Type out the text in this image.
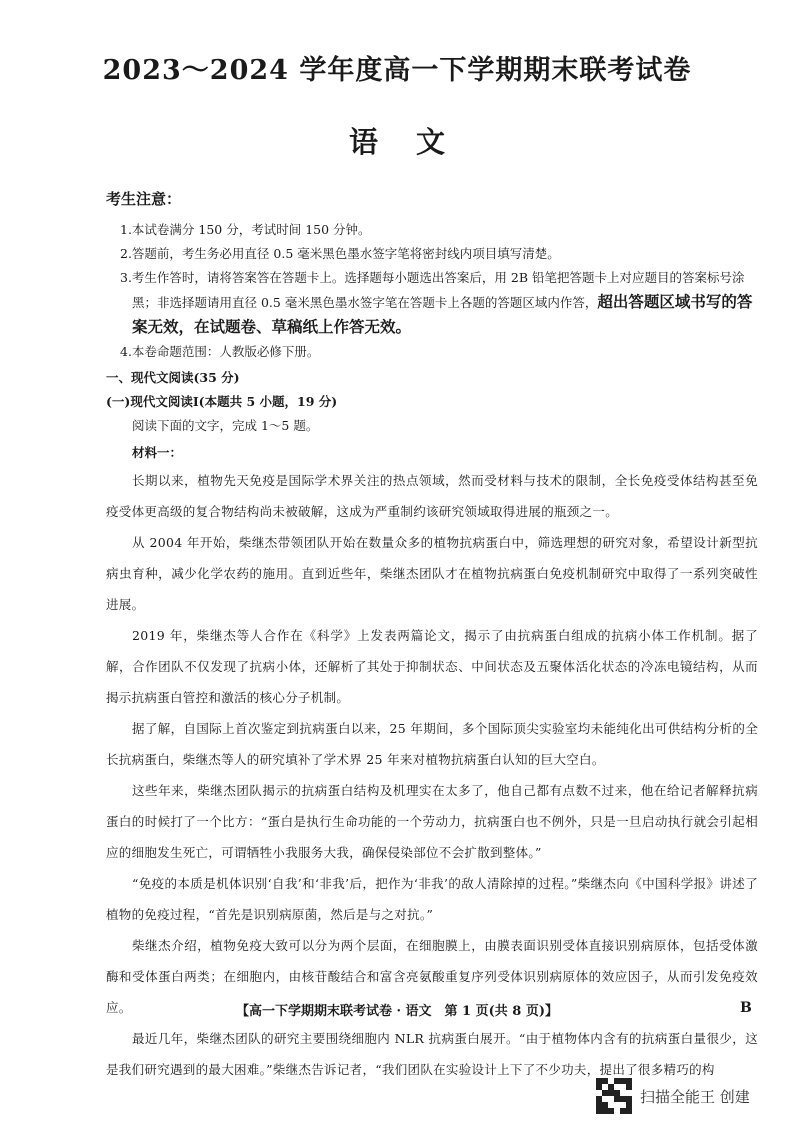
2023～2024 学年度高一下学期期末联考试卷
语文
考生注意：
1.本试卷满分 150 分，考试时间 150 分钟。
2.答题前，考生务必用直径 0.5 毫米黑色墨水签字笔将密封线内项目填写清楚。
3.考生作答时，请将答案答在答题卡上。选择题每小题选出答案后，用 2B 铅笔把答题卡上对应题目的答案标号涂黑；非选择题请用直径 0.5 毫米黑色墨水签字笔在答题卡上各题的答题区域内作答，超出答题区域书写的答案无效，在试题卷、草稿纸上作答无效。
4.本卷命题范围：人教版必修下册。
一、现代文阅读(35 分)
(一)现代文阅读Ⅰ(本题共 5 小题，19 分)
阅读下面的文字，完成 1～5 题。
材料一：

长期以来，植物先天免疫是国际学术界关注的热点领域，然而受材料与技术的限制，全长免疫受体结构甚至免疫受体更高级的复合物结构尚未被破解，这成为严重制约该研究领域取得进展的瓶颈之一。

从 2004 年开始，柴继杰带领团队开始在数量众多的植物抗病蛋白中，筛选理想的研究对象，希望设计新型抗病虫育种，减少化学农药的施用。直到近些年，柴继杰团队才在植物抗病蛋白免疫机制研究中取得了一系列突破性进展。

2019 年，柴继杰等人合作在《科学》上发表两篇论文，揭示了由抗病蛋白组成的抗病小体工作机制。据了解，合作团队不仅发现了抗病小体，还解析了其处于抑制状态、中间状态及五聚体活化状态的冷冻电镜结构，从而揭示抗病蛋白管控和激活的核心分子机制。

据了解，自国际上首次鉴定到抗病蛋白以来，25 年期间，多个国际顶尖实验室均未能纯化出可供结构分析的全长抗病蛋白，柴继杰等人的研究填补了学术界 25 年来对植物抗病蛋白认知的巨大空白。

这些年来，柴继杰团队揭示的抗病蛋白结构及机理实在太多了，他自己都有点数不过来，他在给记者解释抗病蛋白的时候打了一个比方：“蛋白是执行生命功能的一个劳动力，抗病蛋白也不例外，只是一旦启动执行就会引起相应的细胞发生死亡，可谓牺牲小我服务大我，确保侵染部位不会扩散到整体。”

“免疫的本质是机体识别‘自我’和‘非我’后，把作为‘非我’的敌人清除掉的过程。”柴继杰向《中国科学报》讲述了植物的免疫过程，“首先是识别病原菌，然后是与之对抗。”

柴继杰介绍，植物免疫大致可以分为两个层面，在细胞膜上，由膜表面识别受体直接识别病原体，包括受体激酶和受体蛋白两类；在细胞内，由核苷酸结合和富含亮氨酸重复序列受体识别病原体的效应因子，从而引发免疫效应。

最近几年，柴继杰团队的研究主要围绕细胞内 NLR 抗病蛋白展开。“由于植物体内含有的抗病蛋白量很少，这是我们研究遇到的最大困难。”柴继杰告诉记者，“我们团队在实验设计上下了不少功夫，提出了很多精巧的构

【高一下学期期末联考试卷 · 语文　第 1 页(共 8 页)】	B
扫描全能王 创建
